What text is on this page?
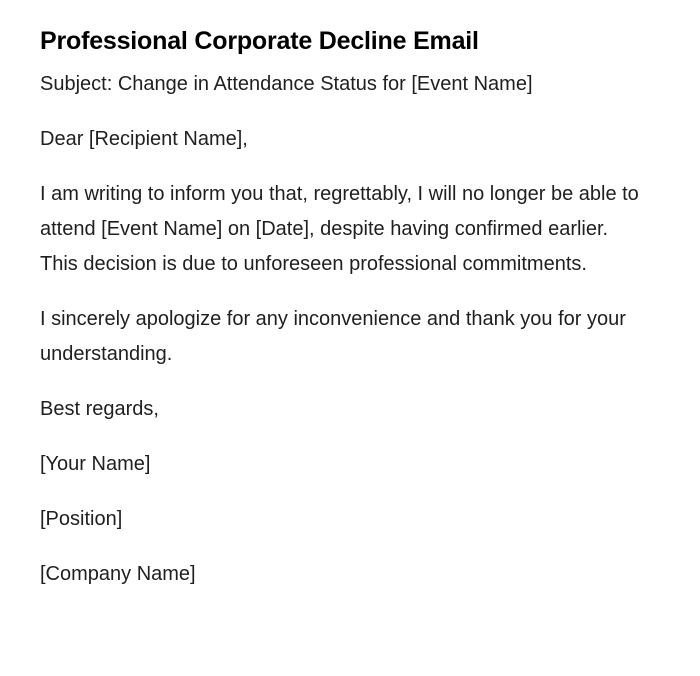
Professional Corporate Decline Email

Subject: Change in Attendance Status for [Event Name]

Dear [Recipient Name],

I am writing to inform you that, regrettably, I will no longer be able to attend [Event Name] on [Date], despite having confirmed earlier. This decision is due to unforeseen professional commitments.

I sincerely apologize for any inconvenience and thank you for your understanding.

Best regards,

[Your Name]

[Position]

[Company Name]
